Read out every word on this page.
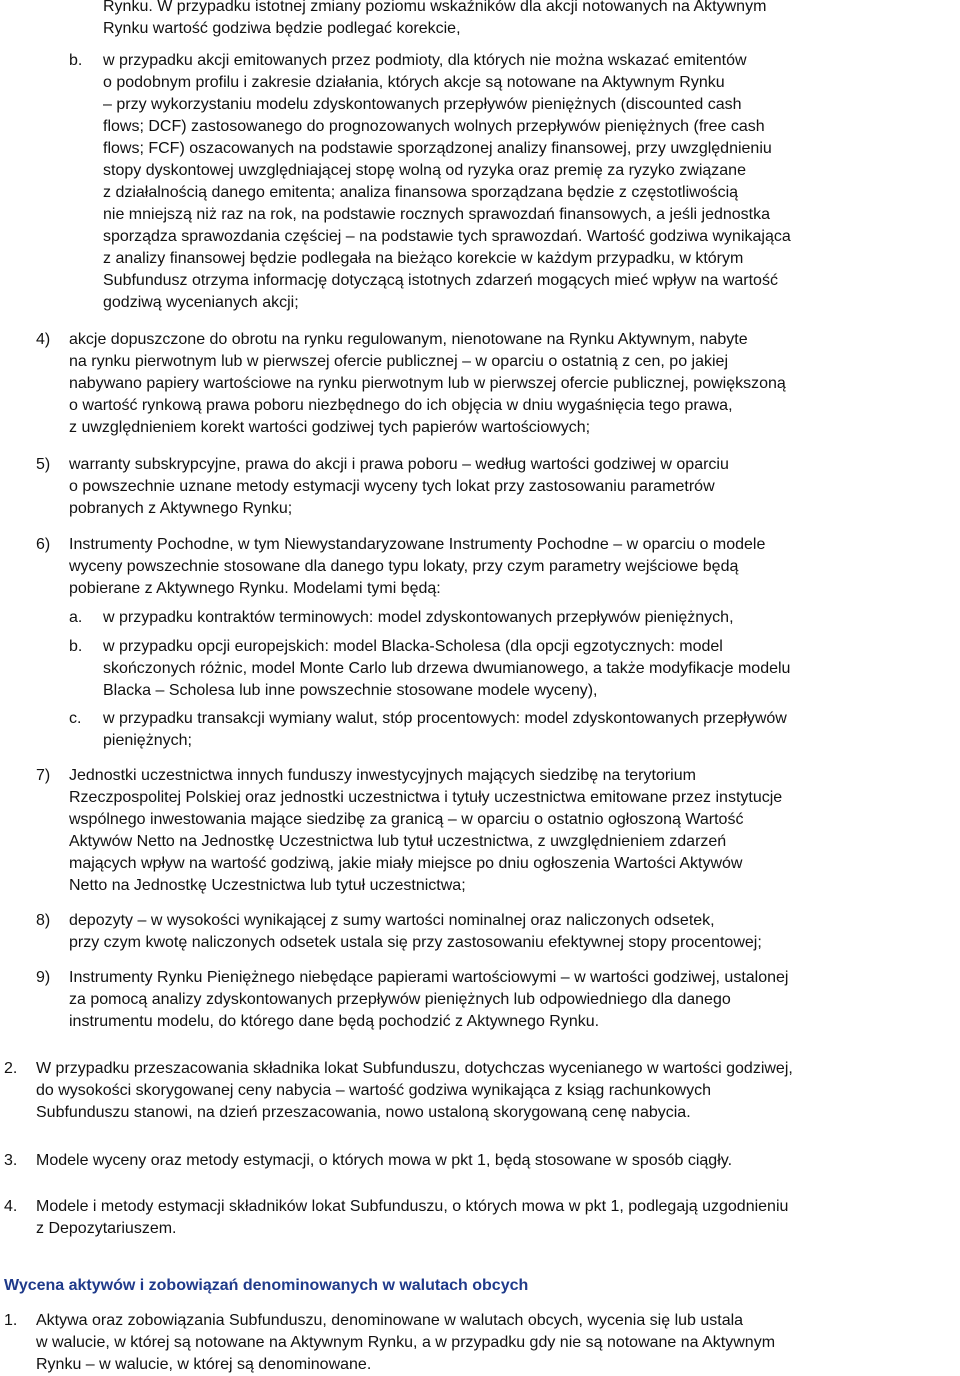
Rynku. W przypadku istotnej zmiany poziomu wskaźników dla akcji notowanych na Aktywnym
Rynku wartość godziwa będzie podlegać korekcie,
b. w przypadku akcji emitowanych przez podmioty, dla których nie można wskazać emitentów
o podobnym profilu i zakresie działania, których akcje są notowane na Aktywnym Rynku
– przy wykorzystaniu modelu zdyskontowanych przepływów pieniężnych (discounted cash
flows; DCF) zastosowanego do prognozowanych wolnych przepływów pieniężnych (free cash
flows; FCF) oszacowanych na podstawie sporządzonej analizy finansowej, przy uwzględnieniu
stopy dyskontowej uwzględniającej stopę wolną od ryzyka oraz premię za ryzyko związane
z działalnością danego emitenta; analiza finansowa sporządzana będzie z częstotliwością
nie mniejszą niż raz na rok, na podstawie rocznych sprawozdań finansowych, a jeśli jednostka
sporządza sprawozdania częściej – na podstawie tych sprawozdań. Wartość godziwa wynikająca
z analizy finansowej będzie podlegała na bieżąco korekcie w każdym przypadku, w którym
Subfundusz otrzyma informację dotyczącą istotnych zdarzeń mogących mieć wpływ na wartość
godziwą wycenianych akcji;
4) akcje dopuszczone do obrotu na rynku regulowanym, nienotowane na Rynku Aktywnym, nabyte
na rynku pierwotnym lub w pierwszej ofercie publicznej – w oparciu o ostatnią z cen, po jakiej
nabywano papiery wartościowe na rynku pierwotnym lub w pierwszej ofercie publicznej, powiększoną
o wartość rynkową prawa poboru niezbędnego do ich objęcia w dniu wygaśnięcia tego prawa,
z uwzględnieniem korekt wartości godziwej tych papierów wartościowych;
5) warranty subskrypcyjne, prawa do akcji i prawa poboru – według wartości godziwej w oparciu
o powszechnie uznane metody estymacji wyceny tych lokat przy zastosowaniu parametrów
pobranych z Aktywnego Rynku;
6) Instrumenty Pochodne, w tym Niewystandaryzowane Instrumenty Pochodne – w oparciu o modele
wyceny powszechnie stosowane dla danego typu lokaty, przy czym parametry wejściowe będą
pobierane z Aktywnego Rynku. Modelami tymi będą:
a. w przypadku kontraktów terminowych: model zdyskontowanych przepływów pieniężnych,
b. w przypadku opcji europejskich: model Blacka-Scholesa (dla opcji egzotycznych: model
skończonych różnic, model Monte Carlo lub drzewa dwumianowego, a także modyfikacje modelu
Blacka – Scholesa lub inne powszechnie stosowane modele wyceny),
c. w przypadku transakcji wymiany walut, stóp procentowych: model zdyskontowanych przepływów
pieniężnych;
7) Jednostki uczestnictwa innych funduszy inwestycyjnych mających siedzibę na terytorium
Rzeczpospolitej Polskiej oraz jednostki uczestnictwa i tytuły uczestnictwa emitowane przez instytucje
wspólnego inwestowania mające siedzibę za granicą – w oparciu o ostatnio ogłoszoną Wartość
Aktywów Netto na Jednostkę Uczestnictwa lub tytuł uczestnictwa, z uwzględnieniem zdarzeń
mających wpływ na wartość godziwą, jakie miały miejsce po dniu ogłoszenia Wartości Aktywów
Netto na Jednostkę Uczestnictwa lub tytuł uczestnictwa;
8) depozyty – w wysokości wynikającej z sumy wartości nominalnej oraz naliczonych odsetek,
przy czym kwotę naliczonych odsetek ustala się przy zastosowaniu efektywnej stopy procentowej;
9) Instrumenty Rynku Pieniężnego niebędące papierami wartościowymi – w wartości godziwej, ustalonej
za pomocą analizy zdyskontowanych przepływów pieniężnych lub odpowiedniego dla danego
instrumentu modelu, do którego dane będą pochodzić z Aktywnego Rynku.
2. W przypadku przeszacowania składnika lokat Subfunduszu, dotychczas wycenianego w wartości godziwej,
do wysokości skorygowanej ceny nabycia – wartość godziwa wynikająca z ksiąg rachunkowych
Subfunduszu stanowi, na dzień przeszacowania, nowo ustaloną skorygowaną cenę nabycia.
3. Modele wyceny oraz metody estymacji, o których mowa w pkt 1, będą stosowane w sposób ciągły.
4. Modele i metody estymacji składników lokat Subfunduszu, o których mowa w pkt 1, podlegają uzgodnieniu
z Depozytariuszem.
Wycena aktywów i zobowiązań denominowanych w walutach obcych
1. Aktywa oraz zobowiązania Subfunduszu, denominowane w walutach obcych, wycenia się lub ustala
w walucie, w której są notowane na Aktywnym Rynku, a w przypadku gdy nie są notowane na Aktywnym
Rynku – w walucie, w której są denominowane.
